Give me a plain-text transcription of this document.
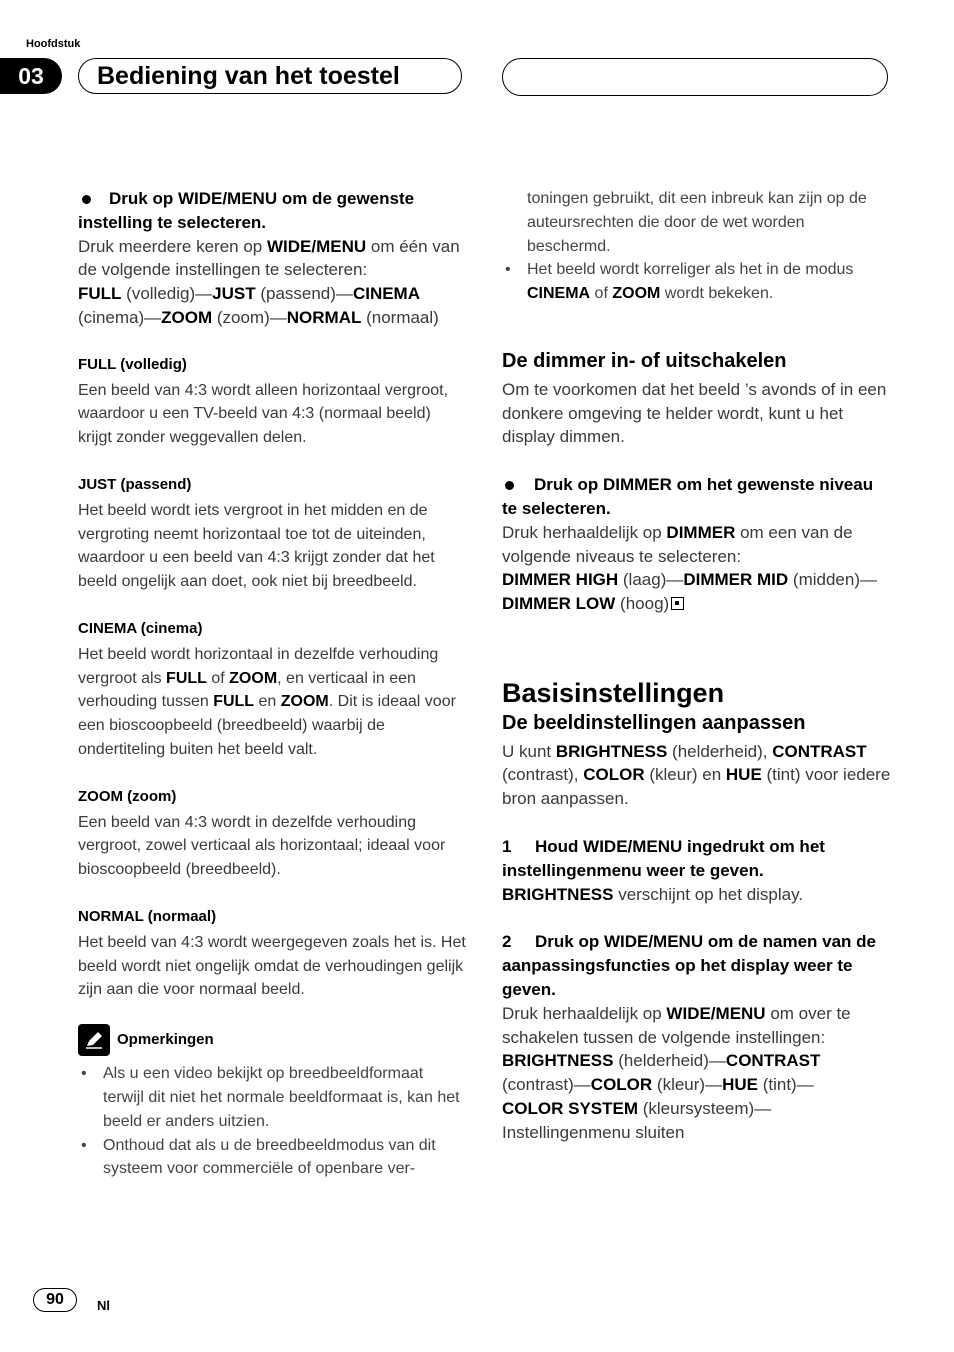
Hoofdstuk
03	Bediening van het toestel

Druk op WIDE/MENU om de gewenste instelling te selecteren.

Druk meerdere keren op WIDE/MENU om één van de volgende instellingen te selecteren:
FULL (volledig)—JUST (passend)—CINEMA (cinema)—ZOOM (zoom)—NORMAL (normaal)

FULL (volledig)

Een beeld van 4:3 wordt alleen horizontaal vergroot, waardoor u een TV-beeld van 4:3 (normaal beeld) krijgt zonder weggevallen delen.

JUST (passend)

Het beeld wordt iets vergroot in het midden en de vergroting neemt horizontaal toe tot de uiteinden, waardoor u een beeld van 4:3 krijgt zonder dat het beeld ongelijk aan doet, ook niet bij breedbeeld.

CINEMA (cinema)

Het beeld wordt horizontaal in dezelfde verhouding vergroot als FULL of ZOOM, en verticaal in een verhouding tussen FULL en ZOOM. Dit is ideaal voor een bioscoopbeeld (breedbeeld) waarbij de ondertiteling buiten het beeld valt.

ZOOM (zoom)

Een beeld van 4:3 wordt in dezelfde verhouding vergroot, zowel verticaal als horizontaal; ideaal voor bioscoopbeeld (breedbeeld).

NORMAL (normaal)

Het beeld van 4:3 wordt weergegeven zoals het is. Het beeld wordt niet ongelijk omdat de verhoudingen gelijk zijn aan die voor normaal beeld.

Opmerkingen
• Als u een video bekijkt op breedbeeldformaat terwijl dit niet het normale beeldformaat is, kan het beeld er anders uitzien.
• Onthoud dat als u de breedbeeldmodus van dit systeem voor commerciële of openbare ver-
toningen gebruikt, dit een inbreuk kan zijn op de auteursrechten die door de wet worden beschermd.
• Het beeld wordt korreliger als het in de modus CINEMA of ZOOM wordt bekeken.

De dimmer in- of uitschakelen

Om te voorkomen dat het beeld ’s avonds of in een donkere omgeving te helder wordt, kunt u het display dimmen.

Druk op DIMMER om het gewenste niveau te selecteren.

Druk herhaaldelijk op DIMMER om een van de volgende niveaus te selecteren:
DIMMER HIGH (laag)—DIMMER MID (midden)—DIMMER LOW (hoog)

Basisinstellingen

De beeldinstellingen aanpassen

U kunt BRIGHTNESS (helderheid), CONTRAST (contrast), COLOR (kleur) en HUE (tint) voor iedere bron aanpassen.

1 Houd WIDE/MENU ingedrukt om het instellingenmenu weer te geven.

BRIGHTNESS verschijnt op het display.

2 Druk op WIDE/MENU om de namen van de aanpassingsfuncties op het display weer te geven.

Druk herhaaldelijk op WIDE/MENU om over te schakelen tussen de volgende instellingen:
BRIGHTNESS (helderheid)—CONTRAST (contrast)—COLOR (kleur)—HUE (tint)—
COLOR SYSTEM (kleursysteem)—Instellingenmenu sluiten

90	Nl
